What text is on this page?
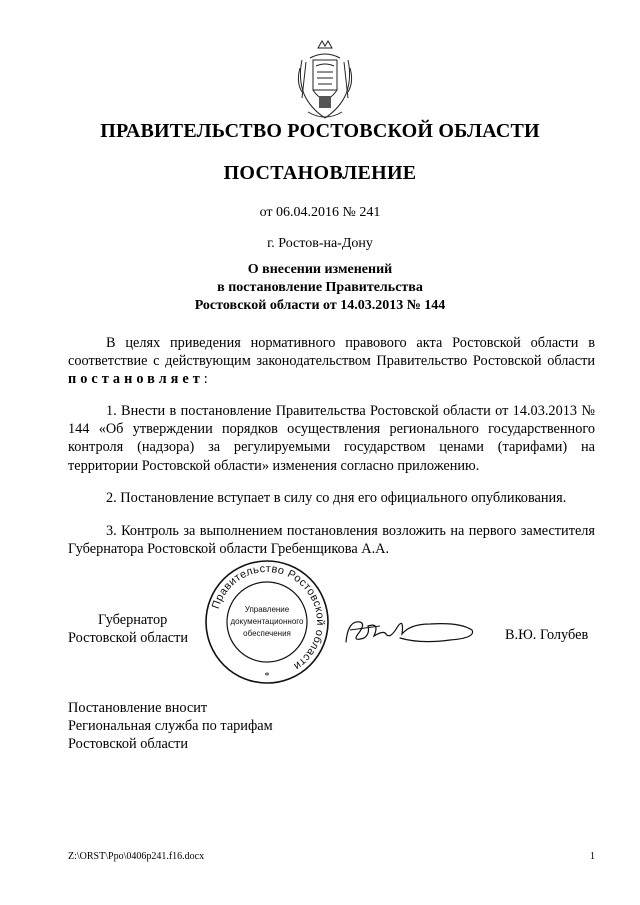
ПРАВИТЕЛЬСТВО РОСТОВСКОЙ ОБЛАСТИ
ПОСТАНОВЛЕНИЕ
от 06.04.2016 № 241
г. Ростов-на-Дону
О внесении изменений
в постановление Правительства
Ростовской области от 14.03.2013 № 144
В целях приведения нормативного правового акта Ростовской области в соответствие с действующим законодательством Правительство Ростовской области постановляет:
1. Внести в постановление Правительства Ростовской области от 14.03.2013 № 144 «Об утверждении порядков осуществления регионального государственного контроля (надзора) за регулируемыми государством ценами (тарифами) на территории Ростовской области» изменения согласно приложению.
2. Постановление вступает в силу со дня его официального опубликования.
3. Контроль за выполнением постановления возложить на первого заместителя Губернатора Ростовской области Гребенщикова А.А.
Губернатор
Ростовской области
Правительство Ростовской области
Управление
документационного
обеспечения
*
В.Ю. Голубев
Постановление вносит
Региональная служба по тарифам
Ростовской области
Z:\ORST\Ppo\0406p241.f16.docx	1
